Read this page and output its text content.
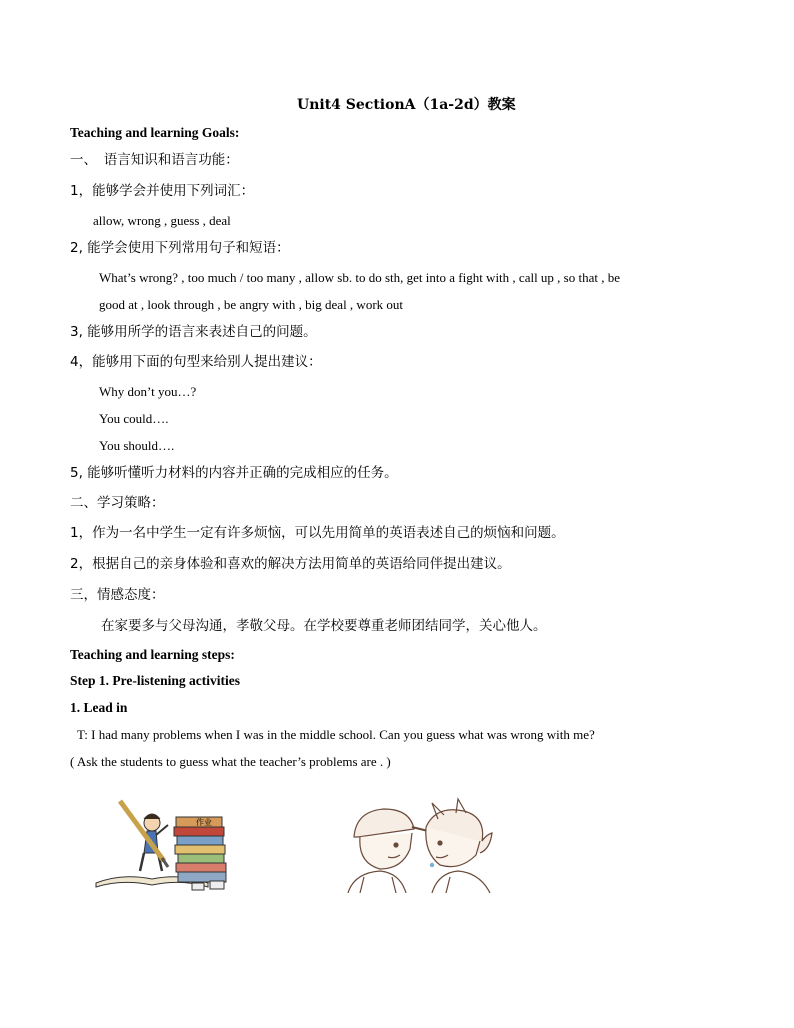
Unit4 SectionA（1a-2d）教案
Teaching and learning Goals:
一、　语言知识和语言功能：
1，能够学会并使用下列词汇：
allow, wrong , guess , deal
2, 能学会使用下列常用句子和短语：
What’s wrong? , too much / too many , allow sb. to do sth, get into a fight with , call up , so that , be
good at , look through , be angry with , big deal , work out
3, 能够用所学的语言来表述自己的问题。
4，能够用下面的句型来给别人提出建议：
Why don’t you…?
You could….
You should….
5, 能够听懂听力材料的内容并正确的完成相应的任务。
二、学习策略：
1，作为一名中学生一定有许多烦恼，可以先用简单的英语表述自己的烦恼和问题。
2，根据自己的亲身体验和喜欢的解决方法用简单的英语给同伴提出建议。
三，情感态度：
在家要多与父母沟通，孝敬父母。在学校要尊重老师团结同学，关心他人。
Teaching and learning steps:
Step 1. Pre-listening activities
1. Lead in
T: I had many problems when I was in the middle school. Can you guess what was wrong with me?
( Ask the students to guess what the teacher’s problems are . )
作业
